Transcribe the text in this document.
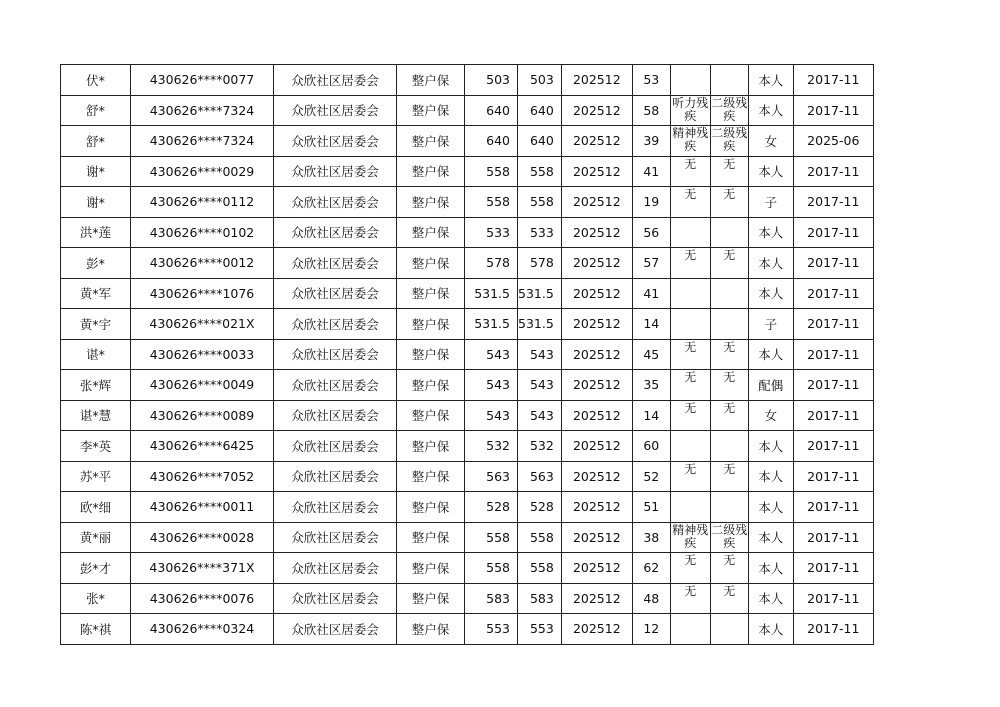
伏*	430626****0077	众欣社区居委会	整户保	503	503	202512	53			本人	2017-11
舒*	430626****7324	众欣社区居委会	整户保	640	640	202512	58	听力残疾	二级残疾	本人	2017-11
舒*	430626****7324	众欣社区居委会	整户保	640	640	202512	39	精神残疾	二级残疾	女	2025-06
谢*	430626****0029	众欣社区居委会	整户保	558	558	202512	41	无	无	本人	2017-11
谢*	430626****0112	众欣社区居委会	整户保	558	558	202512	19	无	无	子	2017-11
洪*莲	430626****0102	众欣社区居委会	整户保	533	533	202512	56			本人	2017-11
彭*	430626****0012	众欣社区居委会	整户保	578	578	202512	57	无	无	本人	2017-11
黄*军	430626****1076	众欣社区居委会	整户保	531.5	531.5	202512	41			本人	2017-11
黄*宇	430626****021X	众欣社区居委会	整户保	531.5	531.5	202512	14			子	2017-11
谌*	430626****0033	众欣社区居委会	整户保	543	543	202512	45	无	无	本人	2017-11
张*辉	430626****0049	众欣社区居委会	整户保	543	543	202512	35	无	无	配偶	2017-11
谌*慧	430626****0089	众欣社区居委会	整户保	543	543	202512	14	无	无	女	2017-11
李*英	430626****6425	众欣社区居委会	整户保	532	532	202512	60			本人	2017-11
苏*平	430626****7052	众欣社区居委会	整户保	563	563	202512	52	无	无	本人	2017-11
欧*细	430626****0011	众欣社区居委会	整户保	528	528	202512	51			本人	2017-11
黄*丽	430626****0028	众欣社区居委会	整户保	558	558	202512	38	精神残疾	二级残疾	本人	2017-11
彭*才	430626****371X	众欣社区居委会	整户保	558	558	202512	62	无	无	本人	2017-11
张*	430626****0076	众欣社区居委会	整户保	583	583	202512	48	无	无	本人	2017-11
陈*祺	430626****0324	众欣社区居委会	整户保	553	553	202512	12			本人	2017-11
